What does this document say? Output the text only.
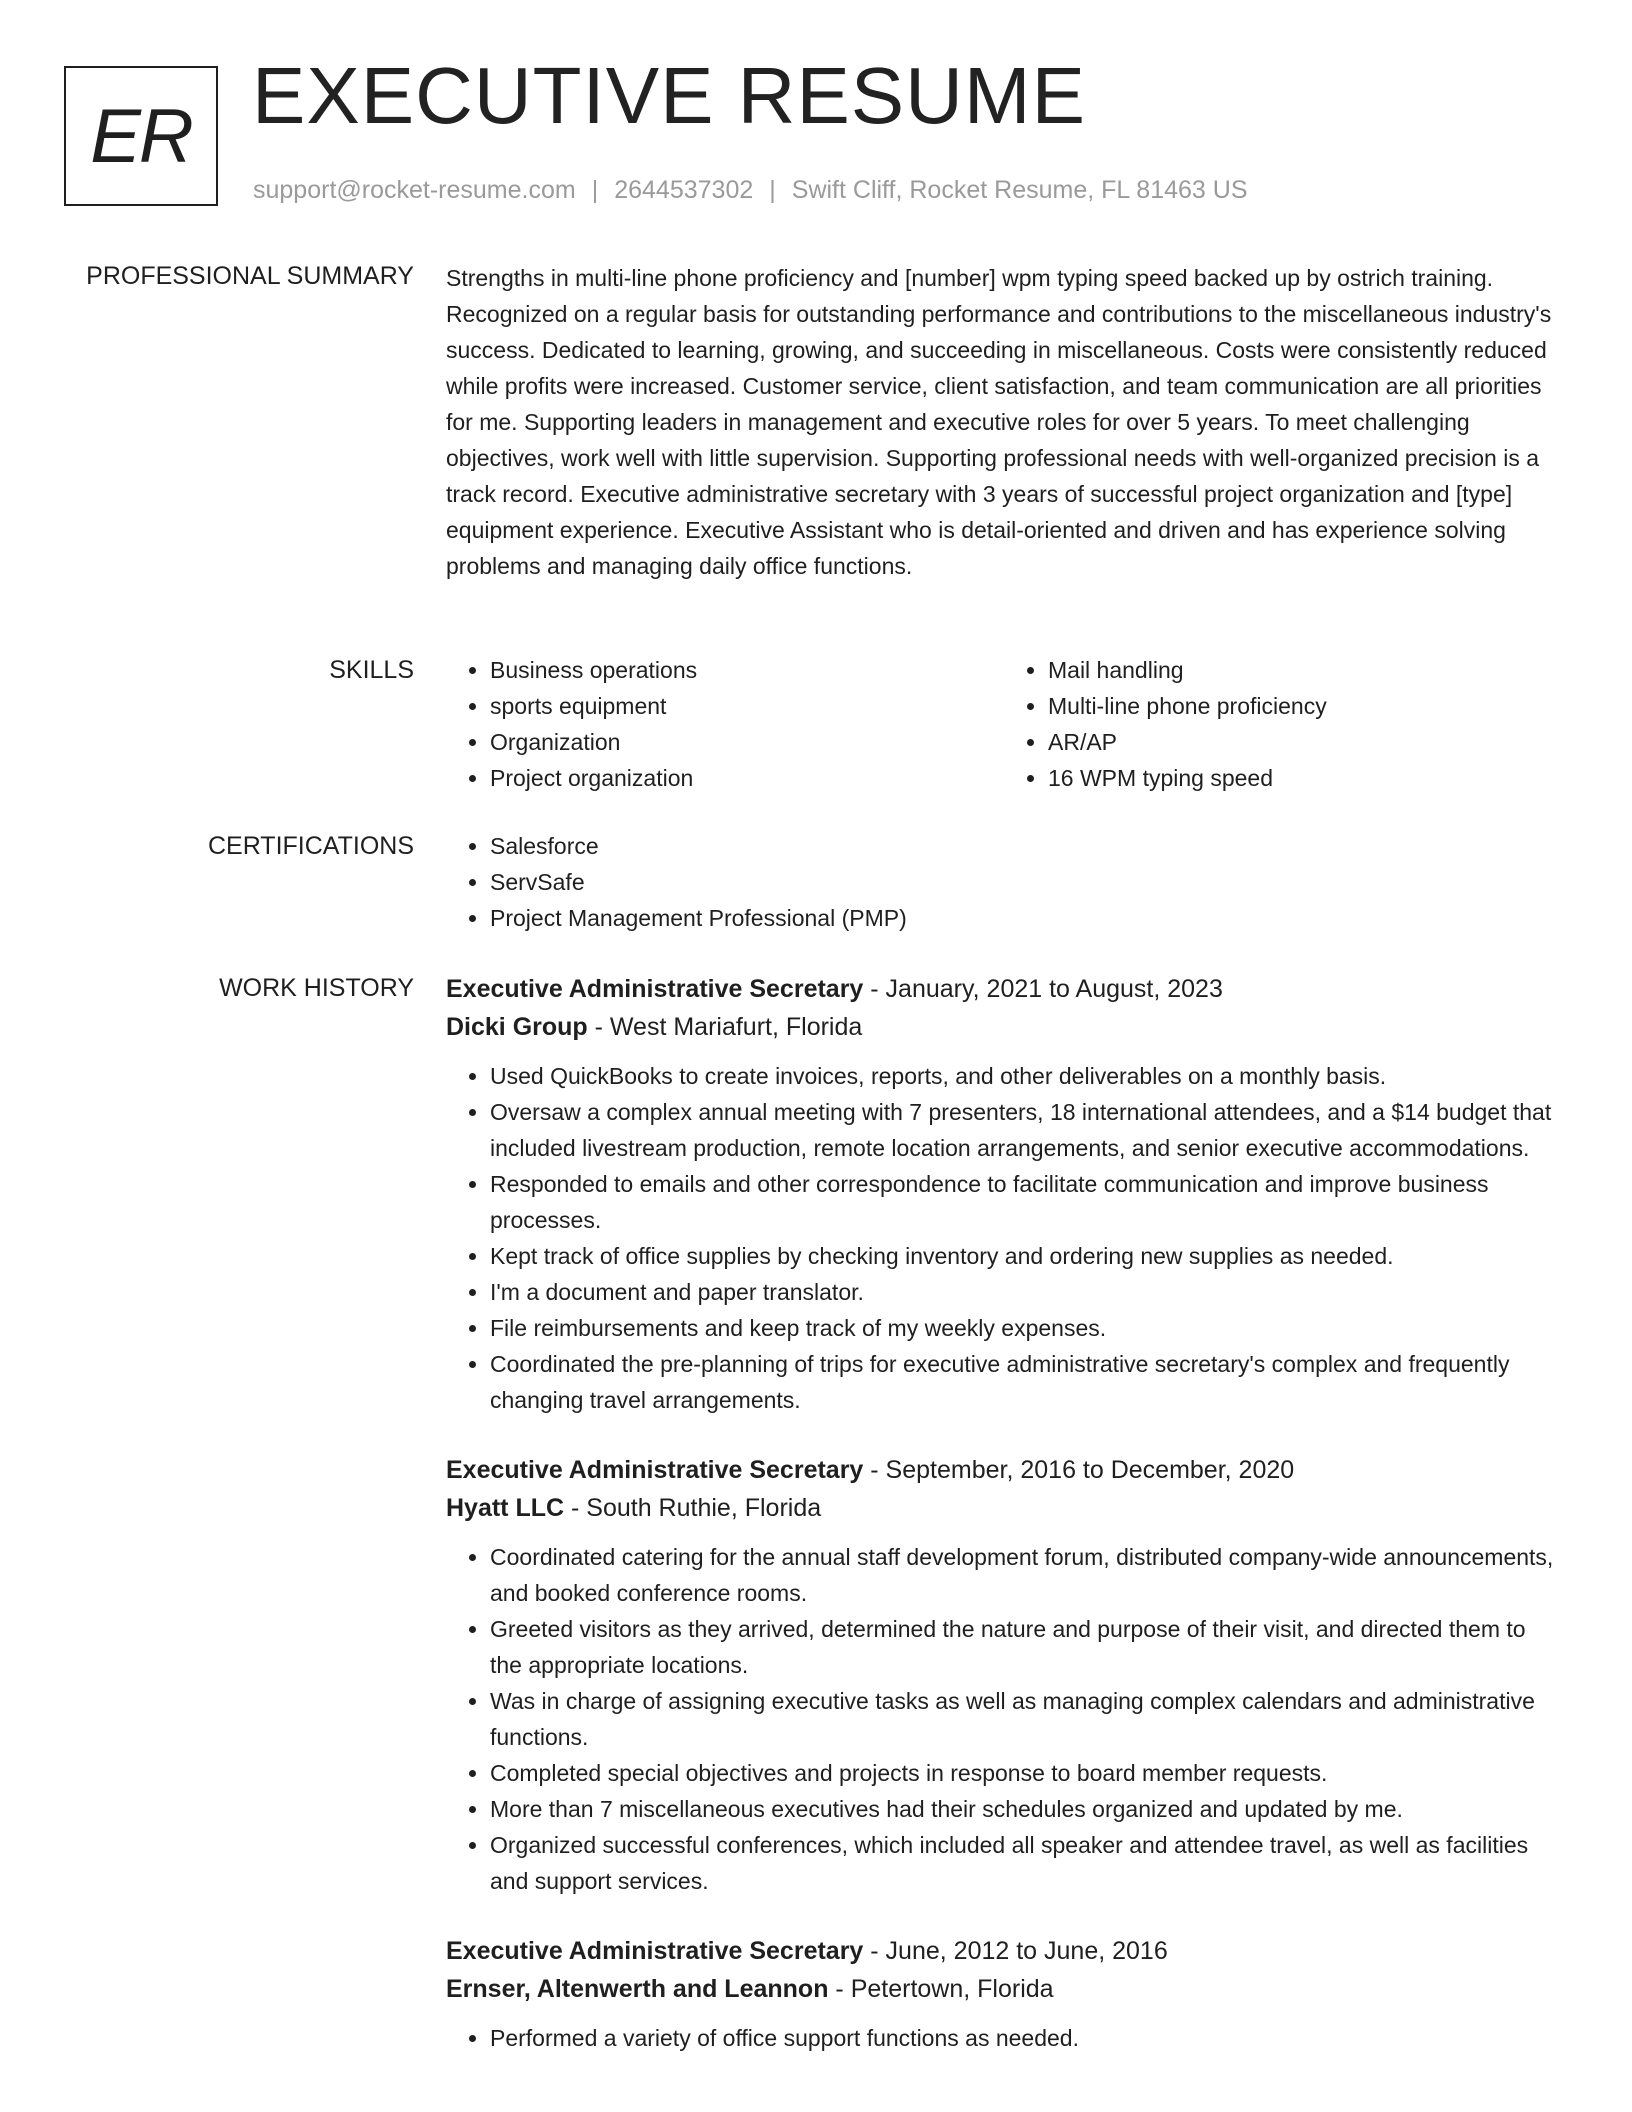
ER EXECUTIVE RESUME
support@rocket-resume.com | 2644537302 | Swift Cliff, Rocket Resume, FL 81463 US
PROFESSIONAL SUMMARY Strengths in multi-line phone proficiency and [number] wpm typing speed backed up by ostrich training. Recognized on a regular basis for outstanding performance and contributions to the miscellaneous industry's success. Dedicated to learning, growing, and succeeding in miscellaneous. Costs were consistently reduced while profits were increased. Customer service, client satisfaction, and team communication are all priorities for me. Supporting leaders in management and executive roles for over 5 years. To meet challenging objectives, work well with little supervision. Supporting professional needs with well-organized precision is a track record. Executive administrative secretary with 3 years of successful project organization and [type] equipment experience. Executive Assistant who is detail-oriented and driven and has experience solving problems and managing daily office functions.
SKILLS	• Business operations
• sports equipment
• Organization
• Project organization
• Mail handling
• Multi-line phone proficiency
• AR/AP
• 16 WPM typing speed
CERTIFICATIONS	• Salesforce
• ServSafe
• Project Management Professional (PMP)
WORK HISTORY Executive Administrative Secretary - January, 2021 to August, 2023
Dicki Group - West Mariafurt, Florida
• Used QuickBooks to create invoices, reports, and other deliverables on a monthly basis.
• Oversaw a complex annual meeting with 7 presenters, 18 international attendees, and a $14 budget that included livestream production, remote location arrangements, and senior executive accommodations.
• Responded to emails and other correspondence to facilitate communication and improve business processes.
• Kept track of office supplies by checking inventory and ordering new supplies as needed.
• I'm a document and paper translator.
• File reimbursements and keep track of my weekly expenses.
• Coordinated the pre-planning of trips for executive administrative secretary's complex and frequently changing travel arrangements.
Executive Administrative Secretary - September, 2016 to December, 2020
Hyatt LLC - South Ruthie, Florida
• Coordinated catering for the annual staff development forum, distributed company-wide announcements, and booked conference rooms.
• Greeted visitors as they arrived, determined the nature and purpose of their visit, and directed them to the appropriate locations.
• Was in charge of assigning executive tasks as well as managing complex calendars and administrative functions.
• Completed special objectives and projects in response to board member requests.
• More than 7 miscellaneous executives had their schedules organized and updated by me.
• Organized successful conferences, which included all speaker and attendee travel, as well as facilities and support services.
Executive Administrative Secretary - June, 2012 to June, 2016
Ernser, Altenwerth and Leannon - Petertown, Florida
• Performed a variety of office support functions as needed.
